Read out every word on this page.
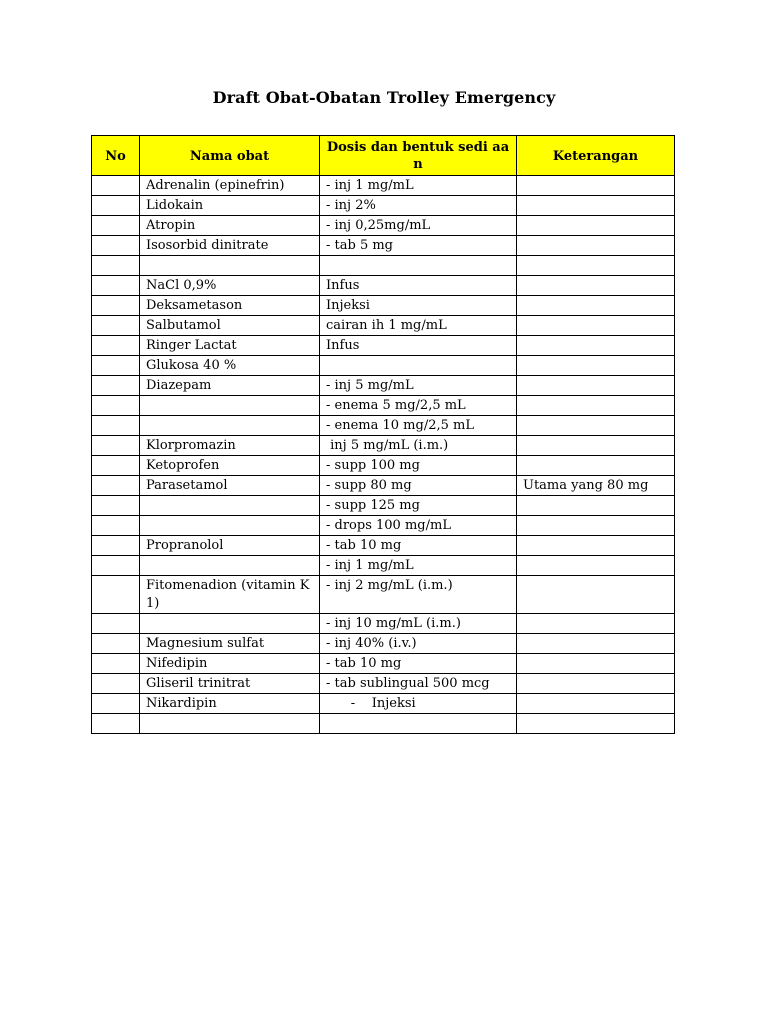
Draft Obat-Obatan Trolley Emergency
No	Nama obat	Dosis dan bentuk sedi aan	Keterangan
	Adrenalin (epinefrin)	- inj 1 mg/mL	
	Lidokain	- inj 2%	
	Atropin	- inj 0,25mg/mL	
	Isosorbid dinitrate	- tab 5 mg	

	NaCl 0,9%	Infus	
	Deksametason	Injeksi	
	Salbutamol	cairan ih 1 mg/mL	
	Ringer Lactat	Infus	
	Glukosa 40 %		
	Diazepam	- inj 5 mg/mL	
		- enema 5 mg/2,5 mL	
		- enema 10 mg/2,5 mL	
	Klorpromazin	inj 5 mg/mL (i.m.)	
	Ketoprofen	- supp 100 mg	
	Parasetamol	- supp 80 mg	Utama yang 80 mg
		- supp 125 mg	
		- drops 100 mg/mL	
	Propranolol	- tab 10 mg	
		- inj 1 mg/mL	
	Fitomenadion (vitamin K1)	- inj 2 mg/mL (i.m.)	
		- inj 10 mg/mL (i.m.)	
	Magnesium sulfat	- inj 40% (i.v.)	
	Nifedipin	- tab 10 mg	
	Gliseril trinitrat	- tab sublingual 500 mcg	
	Nikardipin	-    Injeksi	
